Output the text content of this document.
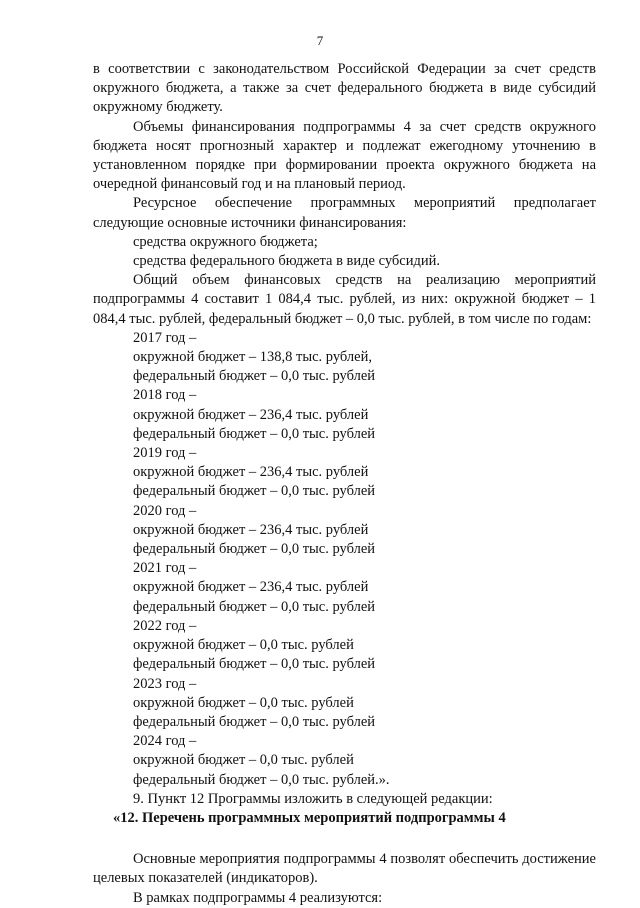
7

в соответствии с законодательством Российской Федерации за счет средств окружного бюджета, а также за счет федерального бюджета в виде субсидий окружному бюджету.

Объемы финансирования подпрограммы 4 за счет средств окружного бюджета носят прогнозный характер и подлежат ежегодному уточнению в установленном порядке при формировании проекта окружного бюджета на очередной финансовый год и на плановый период.

Ресурсное обеспечение программных мероприятий предполагает следующие основные источники финансирования:

средства окружного бюджета;

средства федерального бюджета в виде субсидий.

Общий объем финансовых средств на реализацию мероприятий подпрограммы 4 составит 1 084,4 тыс. рублей, из них: окружной бюджет – 1 084,4 тыс. рублей, федеральный бюджет – 0,0 тыс. рублей, в том числе по годам:

2017 год –

окружной бюджет – 138,8 тыс. рублей,

федеральный бюджет – 0,0 тыс. рублей

2018 год –

окружной бюджет – 236,4 тыс. рублей

федеральный бюджет – 0,0 тыс. рублей

2019 год –

окружной бюджет – 236,4 тыс. рублей

федеральный бюджет – 0,0 тыс. рублей

2020 год –

окружной бюджет – 236,4 тыс. рублей

федеральный бюджет – 0,0 тыс. рублей

2021 год –

окружной бюджет – 236,4 тыс. рублей

федеральный бюджет – 0,0 тыс. рублей

2022 год –

окружной бюджет – 0,0 тыс. рублей

федеральный бюджет – 0,0 тыс. рублей

2023 год –

окружной бюджет – 0,0 тыс. рублей

федеральный бюджет – 0,0 тыс. рублей

2024 год –

окружной бюджет – 0,0 тыс. рублей

федеральный бюджет – 0,0 тыс. рублей.».

9. Пункт 12 Программы изложить в следующей редакции:

«12. Перечень программных мероприятий подпрограммы 4

Основные мероприятия подпрограммы 4 позволят обеспечить достижение целевых показателей (индикаторов).

В рамках подпрограммы 4 реализуются:
